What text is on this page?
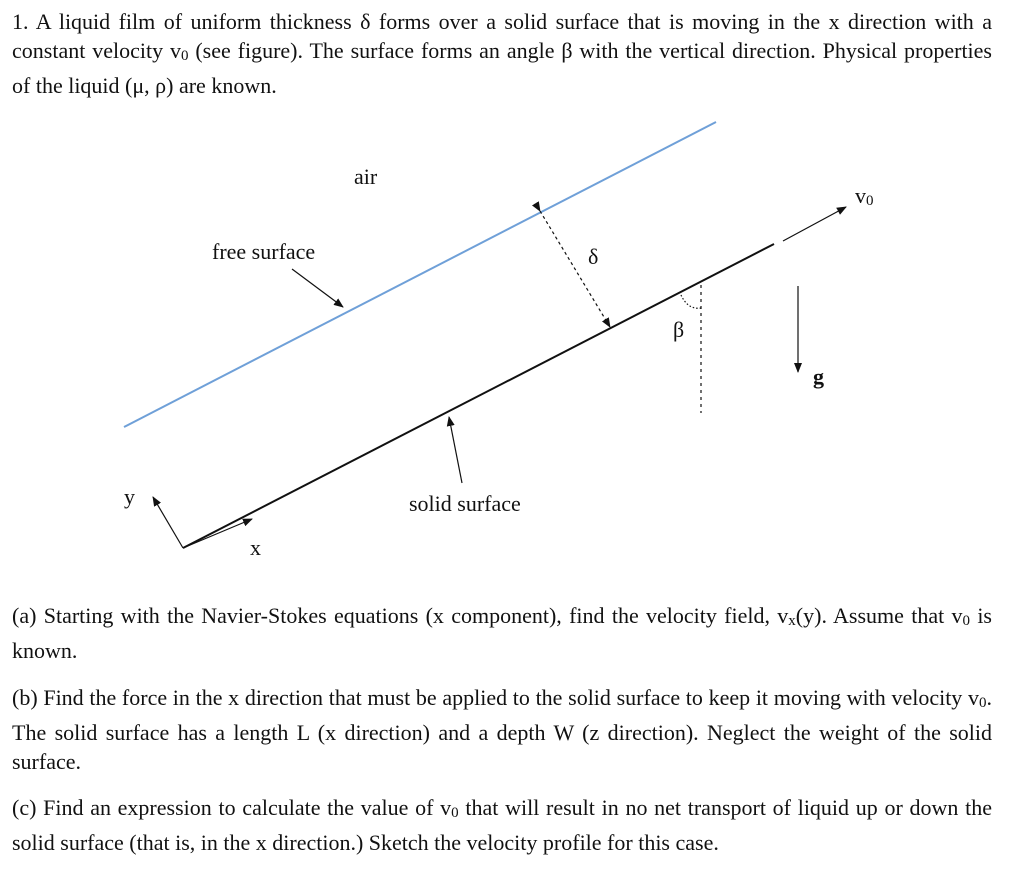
1. A liquid film of uniform thickness δ forms over a solid surface that is moving in the x direction with a constant velocity v0 (see figure). The surface forms an angle β with the vertical direction. Physical properties of the liquid (μ, ρ) are known.

air
free surface
solid surface
δ
β
g
v0
y
x

(a) Starting with the Navier-Stokes equations (x component), find the velocity field, vx(y). Assume that v0 is known.

(b) Find the force in the x direction that must be applied to the solid surface to keep it moving with velocity v0. The solid surface has a length L (x direction) and a depth W (z direction). Neglect the weight of the solid surface.

(c) Find an expression to calculate the value of v0 that will result in no net transport of liquid up or down the solid surface (that is, in the x direction.) Sketch the velocity profile for this case.
